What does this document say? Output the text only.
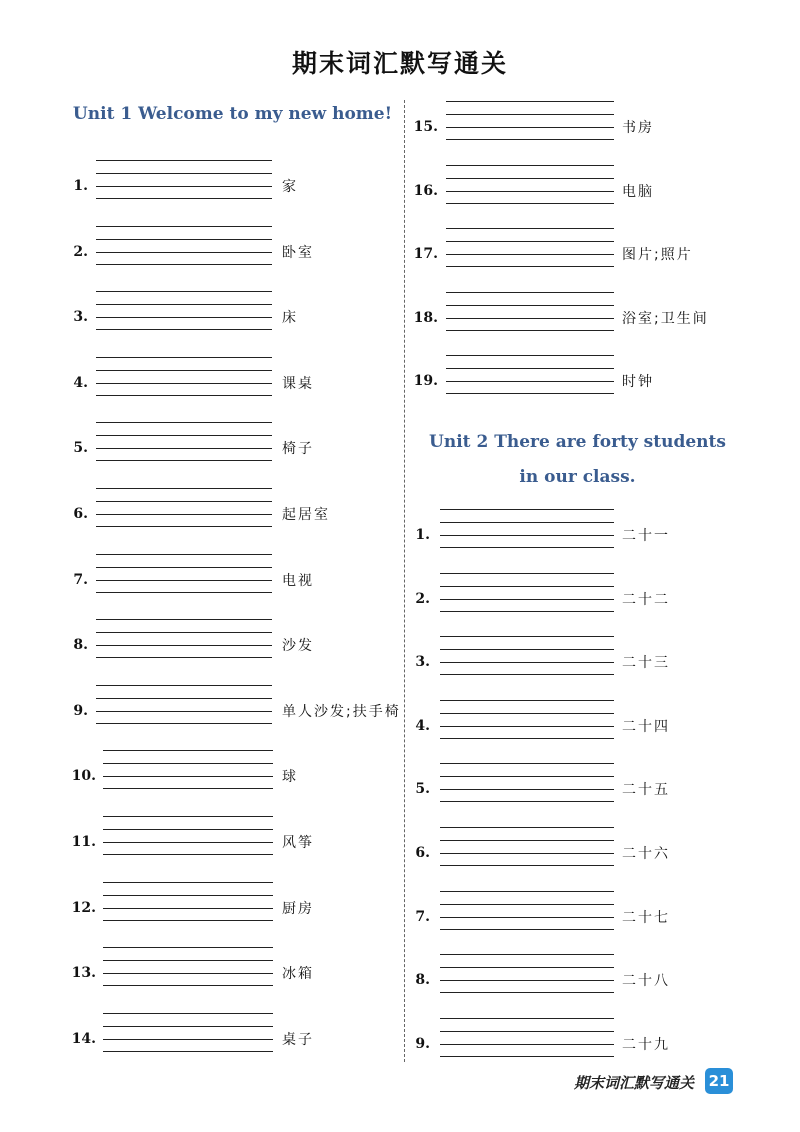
期末词汇默写通关
Unit 1 Welcome to my new home!
Unit 2 There are forty students
in our class.
1.	家
2.	卧室
3.	床
4.	课桌
5.	椅子
6.	起居室
7.	电视
8.	沙发
9.	单人沙发;扶手椅
10.	球
11.	风筝
12.	厨房
13.	冰箱
14.	桌子
15.	书房
16.	电脑
17.	图片;照片
18.	浴室;卫生间
19.	时钟
1.	二十一
2.	二十二
3.	二十三
4.	二十四
5.	二十五
6.	二十六
7.	二十七
8.	二十八
9.	二十九
期末词汇默写通关 21
